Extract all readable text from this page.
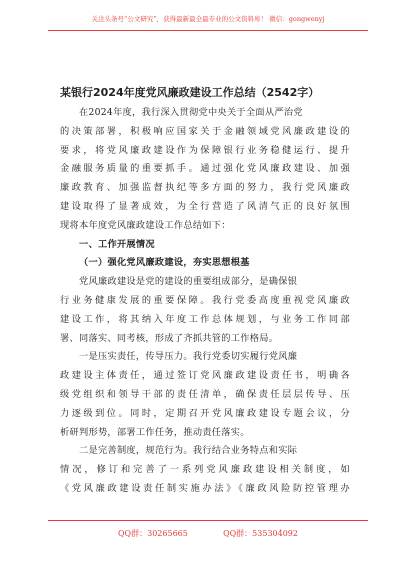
关注头条号“公文研究”，获得最新最全最专业的公文资料库！ 微信：gongwenyj
某银行2024年度党风廉政建设工作总结（2542字）
在2024年度，我行深入贯彻党中央关于全面从严治党
的决策部署，积极响应国家关于金融领域党风廉政建设的
要求，将党风廉政建设作为保障银行业务稳健运行、提升
金融服务质量的重要抓手。通过强化党风廉政建设、加强
廉政教育、加强监督执纪等多方面的努力，我行党风廉政
建设取得了显著成效，为全行营造了风清气正的良好氛围
现将本年度党风廉政建设工作总结如下：
一、工作开展情况
（一）强化党风廉政建设，夯实思想根基
党风廉政建设是党的建设的重要组成部分，是确保银
行业务健康发展的重要保障。我行党委高度重视党风廉政
建设工作，将其纳入年度工作总体规划，与业务工作同部
署、同落实、同考核，形成了齐抓共管的工作格局。
一是压实责任，传导压力。我行党委切实履行党风廉
政建设主体责任，通过签订党风廉政建设责任书，明确各
级党组织和领导干部的责任清单，确保责任层层传导、压
力逐级到位。同时，定期召开党风廉政建设专题会议，分
析研判形势，部署工作任务，推动责任落实。
二是完善制度，规范行为。我行结合业务特点和实际
情况，修订和完善了一系列党风廉政建设相关制度，如
《党风廉政建设责任制实施办法》《廉政风险防控管理办
QQ群：30265665	QQ群：535304092
